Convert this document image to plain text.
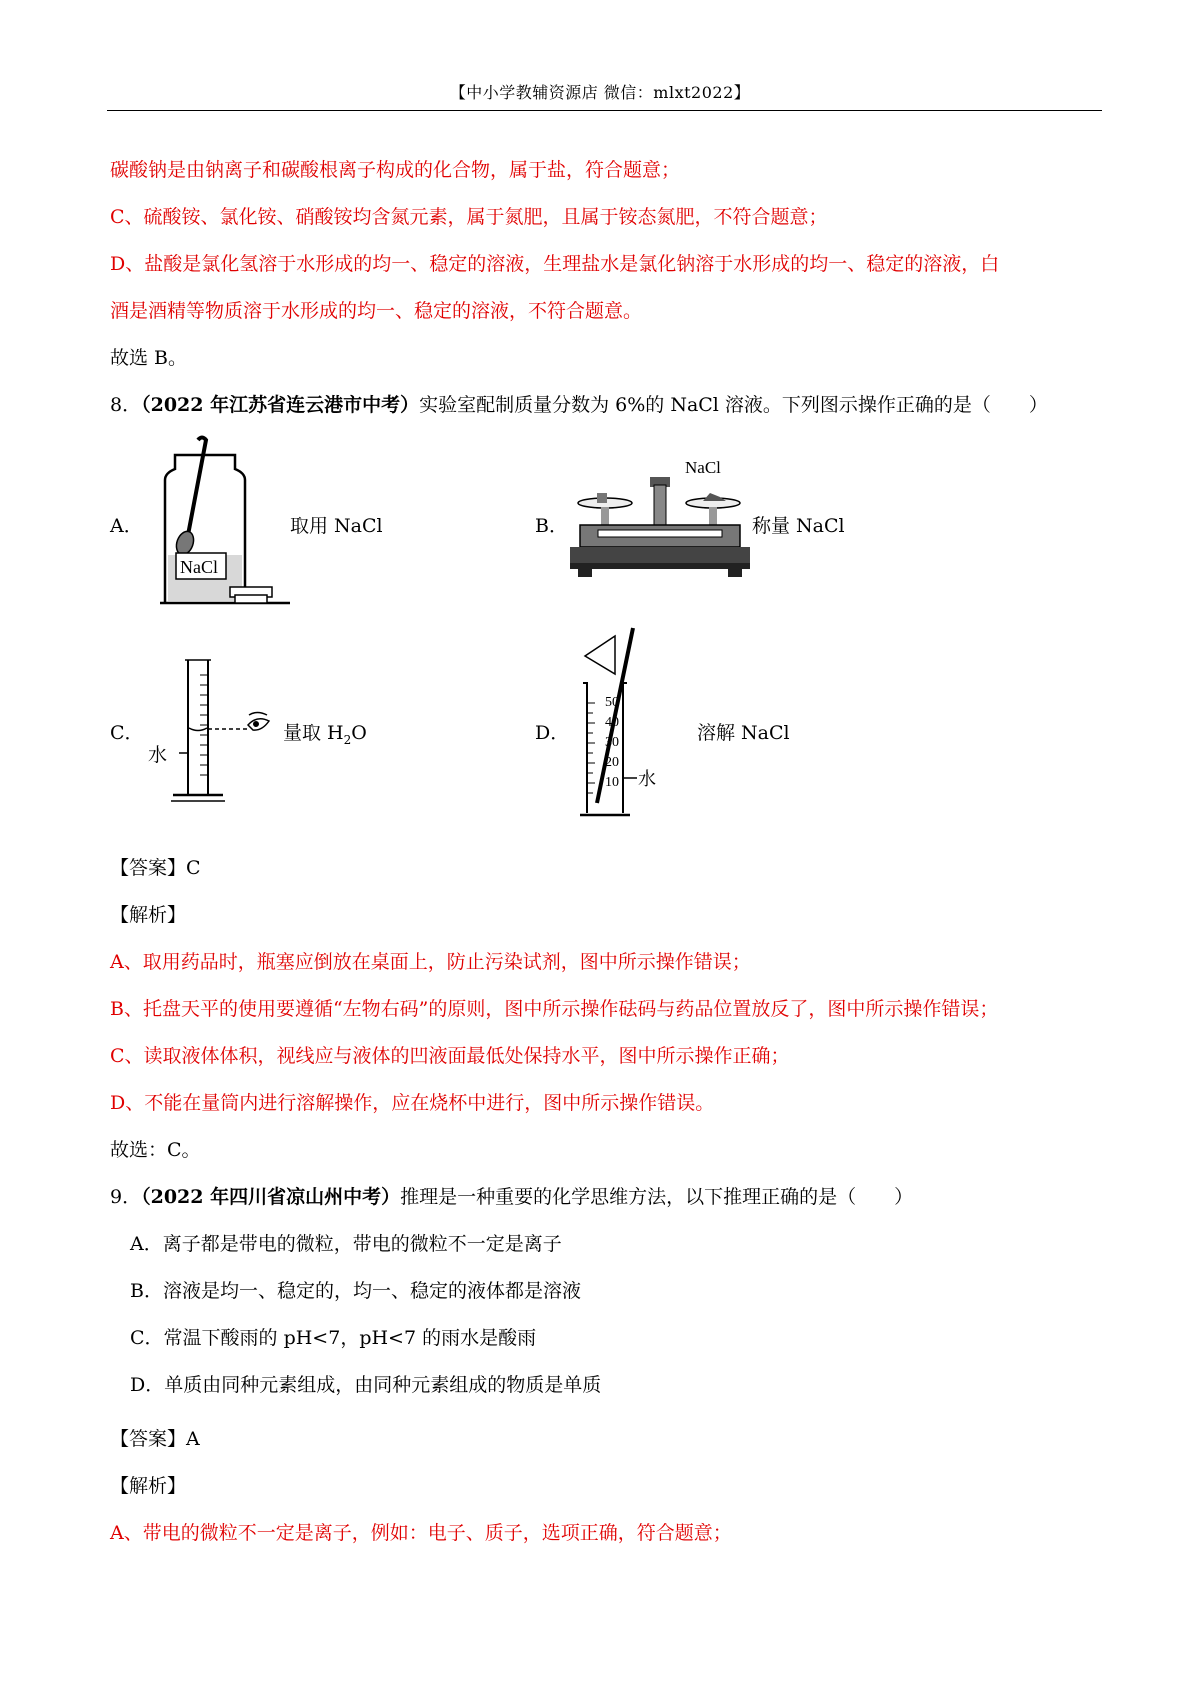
【中小学教辅资源店 微信：mlxt2022】
碳酸钠是由钠离子和碳酸根离子构成的化合物，属于盐，符合题意；
C、硫酸铵、氯化铵、硝酸铵均含氮元素，属于氮肥，且属于铵态氮肥，不符合题意；
D、盐酸是氯化氢溶于水形成的均一、稳定的溶液，生理盐水是氯化钠溶于水形成的均一、稳定的溶液，白
酒是酒精等物质溶于水形成的均一、稳定的溶液，不符合题意。
故选 B。
8．（2022 年江苏省连云港市中考）实验室配制质量分数为 6%的 NaCl 溶液。下列图示操作正确的是（　　）
A．
NaCl
取用 NaCl	B．
NaCl
称量 NaCl
C．
水
量取 $H_2O$	D．
50
40
30
20
10 水
溶解 NaCl
【答案】C
【解析】
A、取用药品时，瓶塞应倒放在桌面上，防止污染试剂，图中所示操作错误；
B、托盘天平的使用要遵循“左物右码”的原则，图中所示操作砝码与药品位置放反了，图中所示操作错误；
C、读取液体体积，视线应与液体的凹液面最低处保持水平，图中所示操作正确；
D、不能在量筒内进行溶解操作，应在烧杯中进行，图中所示操作错误。
故选：C。
9．（2022 年四川省凉山州中考）推理是一种重要的化学思维方法，以下推理正确的是（　　）
A．离子都是带电的微粒，带电的微粒不一定是离子
B．溶液是均一、稳定的，均一、稳定的液体都是溶液
C．常温下酸雨的 pH<7，pH<7 的雨水是酸雨
D．单质由同种元素组成，由同种元素组成的物质是单质
【答案】A
【解析】
A、带电的微粒不一定是离子，例如：电子、质子，选项正确，符合题意；
